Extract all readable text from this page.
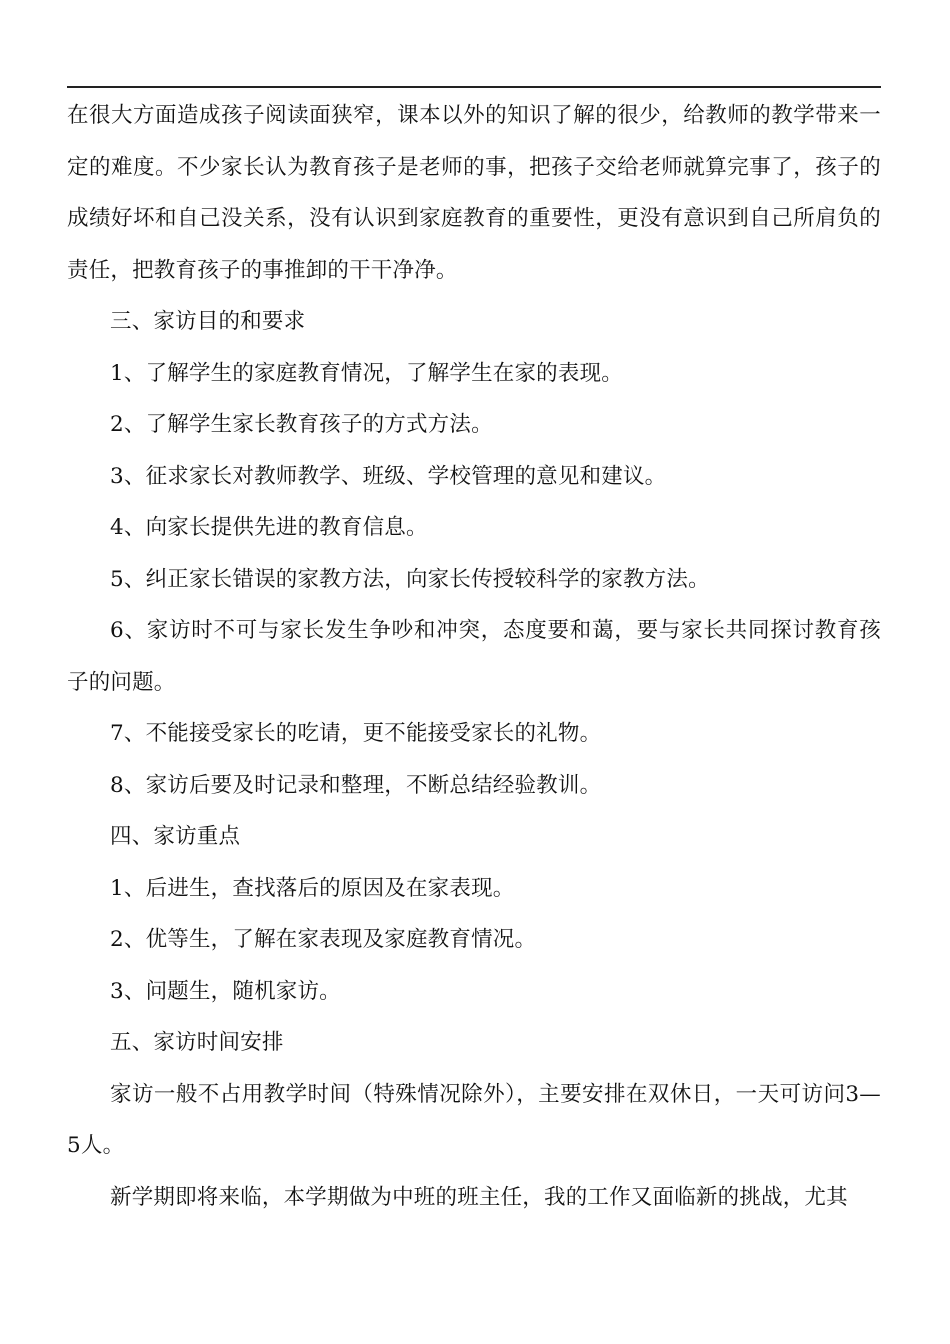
在很大方面造成孩子阅读面狭窄，课本以外的知识了解的很少，给教师的教学带来一定的难度。不少家长认为教育孩子是老师的事，把孩子交给老师就算完事了，孩子的成绩好坏和自己没关系，没有认识到家庭教育的重要性，更没有意识到自己所肩负的责任，把教育孩子的事推卸的干干净净。

三、家访目的和要求

1、了解学生的家庭教育情况，了解学生在家的表现。

2、了解学生家长教育孩子的方式方法。

3、征求家长对教师教学、班级、学校管理的意见和建议。

4、向家长提供先进的教育信息。

5、纠正家长错误的家教方法，向家长传授较科学的家教方法。

6、家访时不可与家长发生争吵和冲突，态度要和蔼，要与家长共同探讨教育孩子的问题。

7、不能接受家长的吃请，更不能接受家长的礼物。

8、家访后要及时记录和整理，不断总结经验教训。

四、家访重点

1、后进生，查找落后的原因及在家表现。

2、优等生，了解在家表现及家庭教育情况。

3、问题生，随机家访。

五、家访时间安排

家访一般不占用教学时间（特殊情况除外），主要安排在双休日，一天可访问3—5人。

新学期即将来临，本学期做为中班的班主任，我的工作又面临新的挑战，尤其
